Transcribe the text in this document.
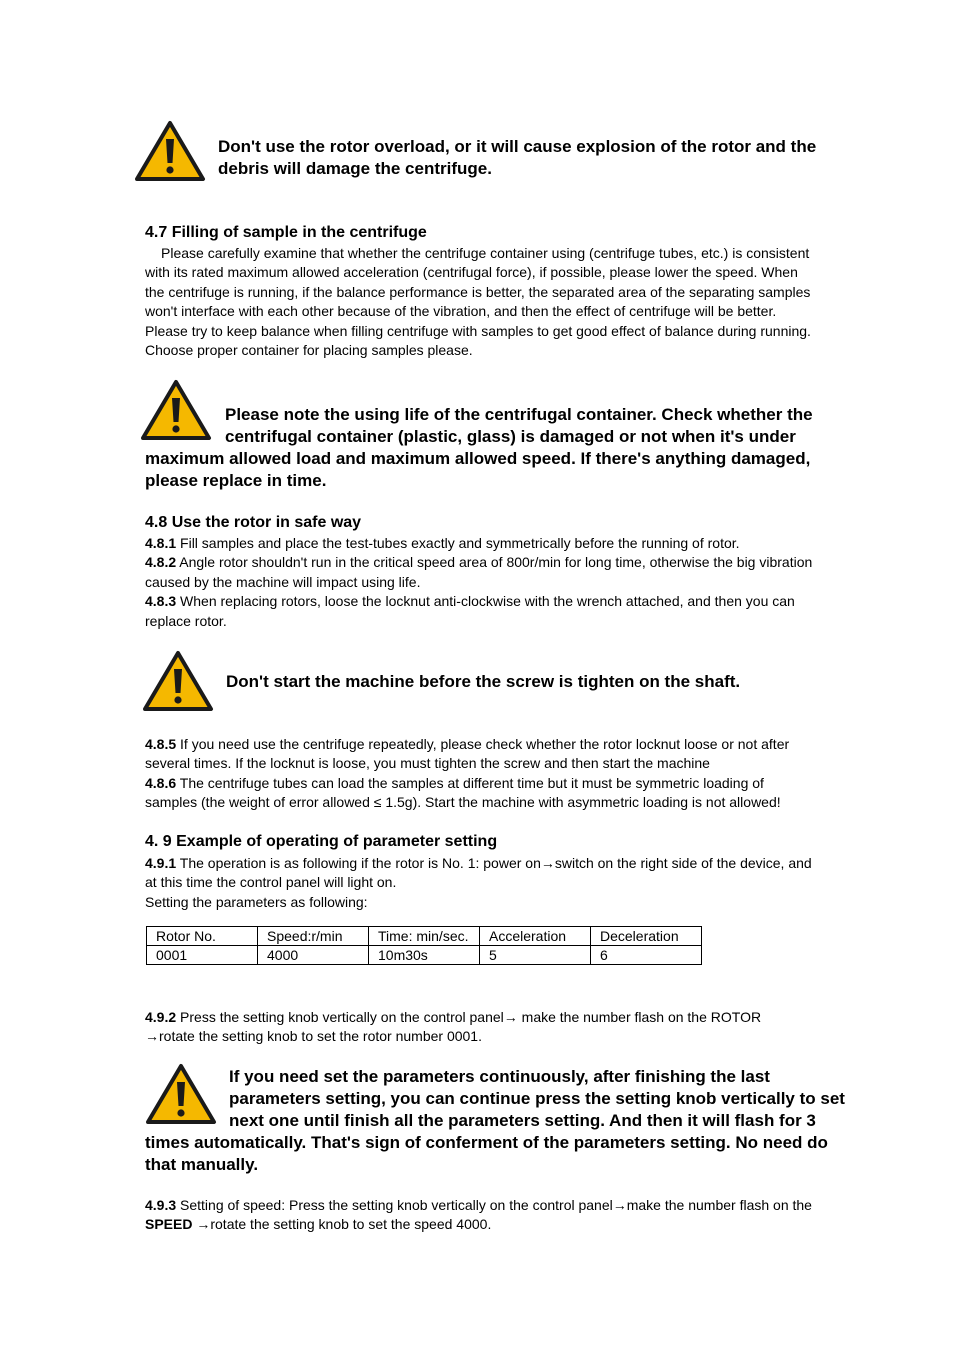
Don't use the rotor overload, or it will cause explosion of the rotor and the
debris will damage the centrifuge.
4.7 Filling of sample in the centrifuge
Please carefully examine that whether the centrifuge container using (centrifuge tubes, etc.) is consistent
with its rated maximum allowed acceleration (centrifugal force), if possible, please lower the speed. When
the centrifuge is running, if the balance performance is better, the separated area of the separating samples
won't interface with each other because of the vibration, and then the effect of centrifuge will be better.
Please try to keep balance when filling centrifuge with samples to get good effect of balance during running.
Choose proper container for placing samples please.
Please note the using life of the centrifugal container. Check whether the
centrifugal container (plastic, glass) is damaged or not when it's under
maximum allowed load and maximum allowed speed. If there's anything damaged,
please replace in time.
4.8 Use the rotor in safe way
4.8.1 Fill samples and place the test-tubes exactly and symmetrically before the running of rotor.
4.8.2 Angle rotor shouldn't run in the critical speed area of 800r/min for long time, otherwise the big vibration
caused by the machine will impact using life.
4.8.3 When replacing rotors, loose the locknut anti-clockwise with the wrench attached, and then you can
replace rotor.
Don't start the machine before the screw is tighten on the shaft.
4.8.5 If you need use the centrifuge repeatedly, please check whether the rotor locknut loose or not after
several times. If the locknut is loose, you must tighten the screw and then start the machine
4.8.6 The centrifuge tubes can load the samples at different time but it must be symmetric loading of
samples (the weight of error allowed ≤ 1.5g). Start the machine with asymmetric loading is not allowed!
4. 9 Example of operating of parameter setting
4.9.1 The operation is as following if the rotor is No. 1: power on→switch on the right side of the device, and
at this time the control panel will light on.
Setting the parameters as following:
Rotor No.	Speed:r/min	Time: min/sec.	Acceleration	Deceleration
0001	4000	10m30s	5	6
4.9.2 Press the setting knob vertically on the control panel→ make the number flash on the ROTOR
→rotate the setting knob to set the rotor number 0001.
If you need set the parameters continuously, after finishing the last
parameters setting, you can continue press the setting knob vertically to set
next one until finish all the parameters setting. And then it will flash for 3
times automatically. That's sign of conferment of the parameters setting. No need do
that manually.
4.9.3 Setting of speed: Press the setting knob vertically on the control panel→make the number flash on the
SPEED →rotate the setting knob to set the speed 4000.
